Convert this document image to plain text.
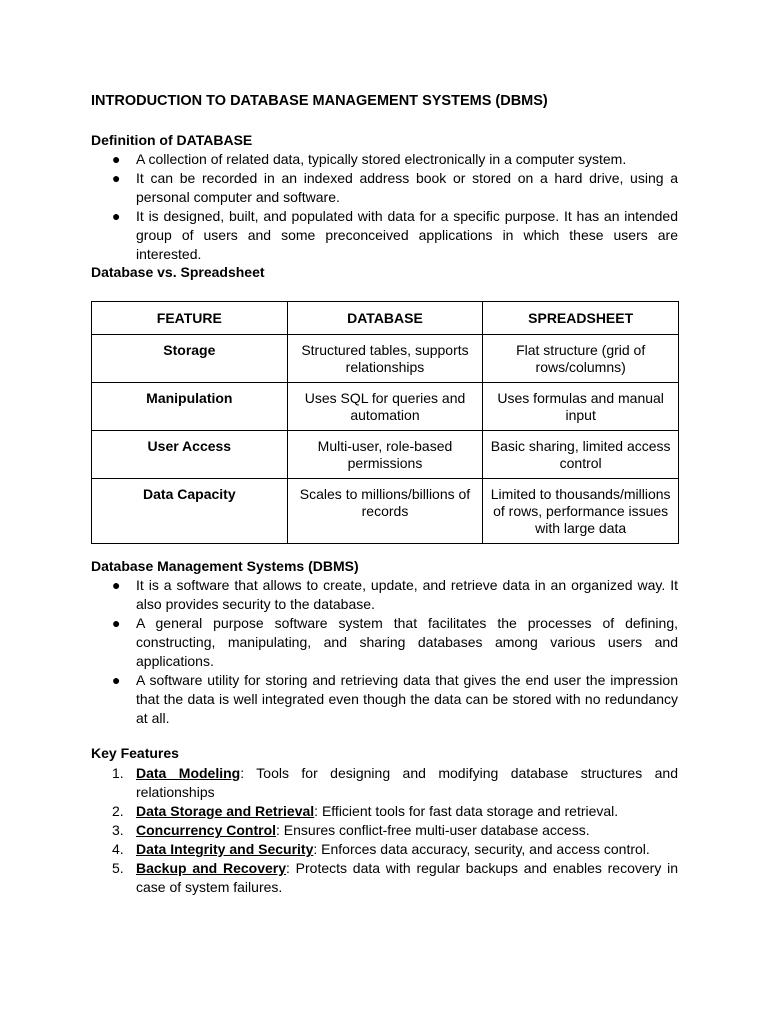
INTRODUCTION TO DATABASE MANAGEMENT SYSTEMS (DBMS)
Definition of DATABASE
● A collection of related data, typically stored electronically in a computer system.
● It can be recorded in an indexed address book or stored on a hard drive, using a personal computer and software.
● It is designed, built, and populated with data for a specific purpose. It has an intended group of users and some preconceived applications in which these users are interested.
Database vs. Spreadsheet
FEATURE	DATABASE	SPREADSHEET
Storage	Structured tables, supports relationships	Flat structure (grid of rows/columns)
Manipulation	Uses SQL for queries and automation	Uses formulas and manual input
User Access	Multi-user, role-based permissions	Basic sharing, limited access control
Data Capacity	Scales to millions/billions of records	Limited to thousands/millions of rows, performance issues with large data
Database Management Systems (DBMS)
● It is a software that allows to create, update, and retrieve data in an organized way. It also provides security to the database.
● A general purpose software system that facilitates the processes of defining, constructing, manipulating, and sharing databases among various users and applications.
● A software utility for storing and retrieving data that gives the end user the impression that the data is well integrated even though the data can be stored with no redundancy at all.
Key Features
1. Data Modeling: Tools for designing and modifying database structures and relationships
2. Data Storage and Retrieval: Efficient tools for fast data storage and retrieval.
3. Concurrency Control: Ensures conflict-free multi-user database access.
4. Data Integrity and Security: Enforces data accuracy, security, and access control.
5. Backup and Recovery: Protects data with regular backups and enables recovery in case of system failures.
